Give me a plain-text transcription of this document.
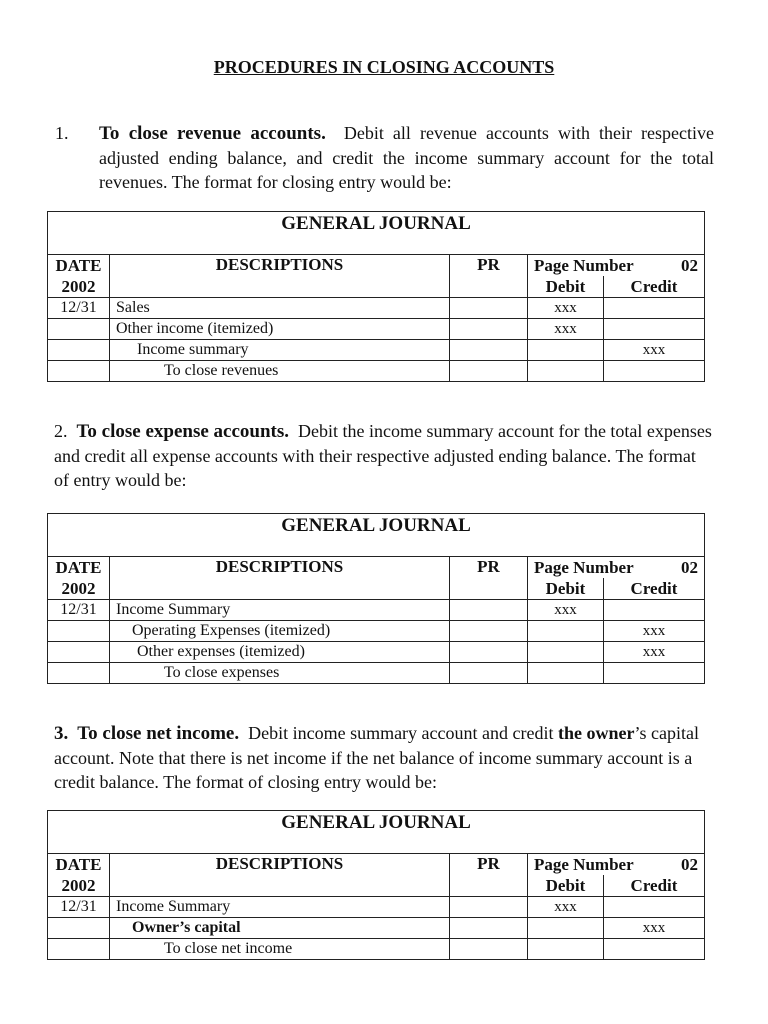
PROCEDURES IN CLOSING ACCOUNTS
1. To close revenue accounts. Debit all revenue accounts with their respective adjusted ending balance, and credit the income summary account for the total revenues. The format for closing entry would be:
GENERAL JOURNAL				
DATE
2002	DESCRIPTIONS	PR	Page Number 02	

			Debit	Credit
12/31	Sales		xxx	
	Other income (itemized)		xxx	
	Income summary			xxx
	To close revenues			
2. To close expense accounts. Debit the income summary account for the total expenses and credit all expense accounts with their respective adjusted ending balance. The format of entry would be:
GENERAL JOURNAL				
DATE
2002	DESCRIPTIONS	PR	Page Number 02	

			Debit	Credit
12/31	Income Summary		xxx	
	Operating Expenses (itemized)			xxx
	Other expenses (itemized)			xxx
	To close expenses			
3. To close net income. Debit income summary account and credit the owner’s capital account. Note that there is net income if the net balance of income summary account is a credit balance. The format of closing entry would be:
GENERAL JOURNAL				
DATE
2002	DESCRIPTIONS	PR	Page Number 02	

			Debit	Credit
12/31	Income Summary		xxx	
	Owner’s capital			xxx
	To close net income			
